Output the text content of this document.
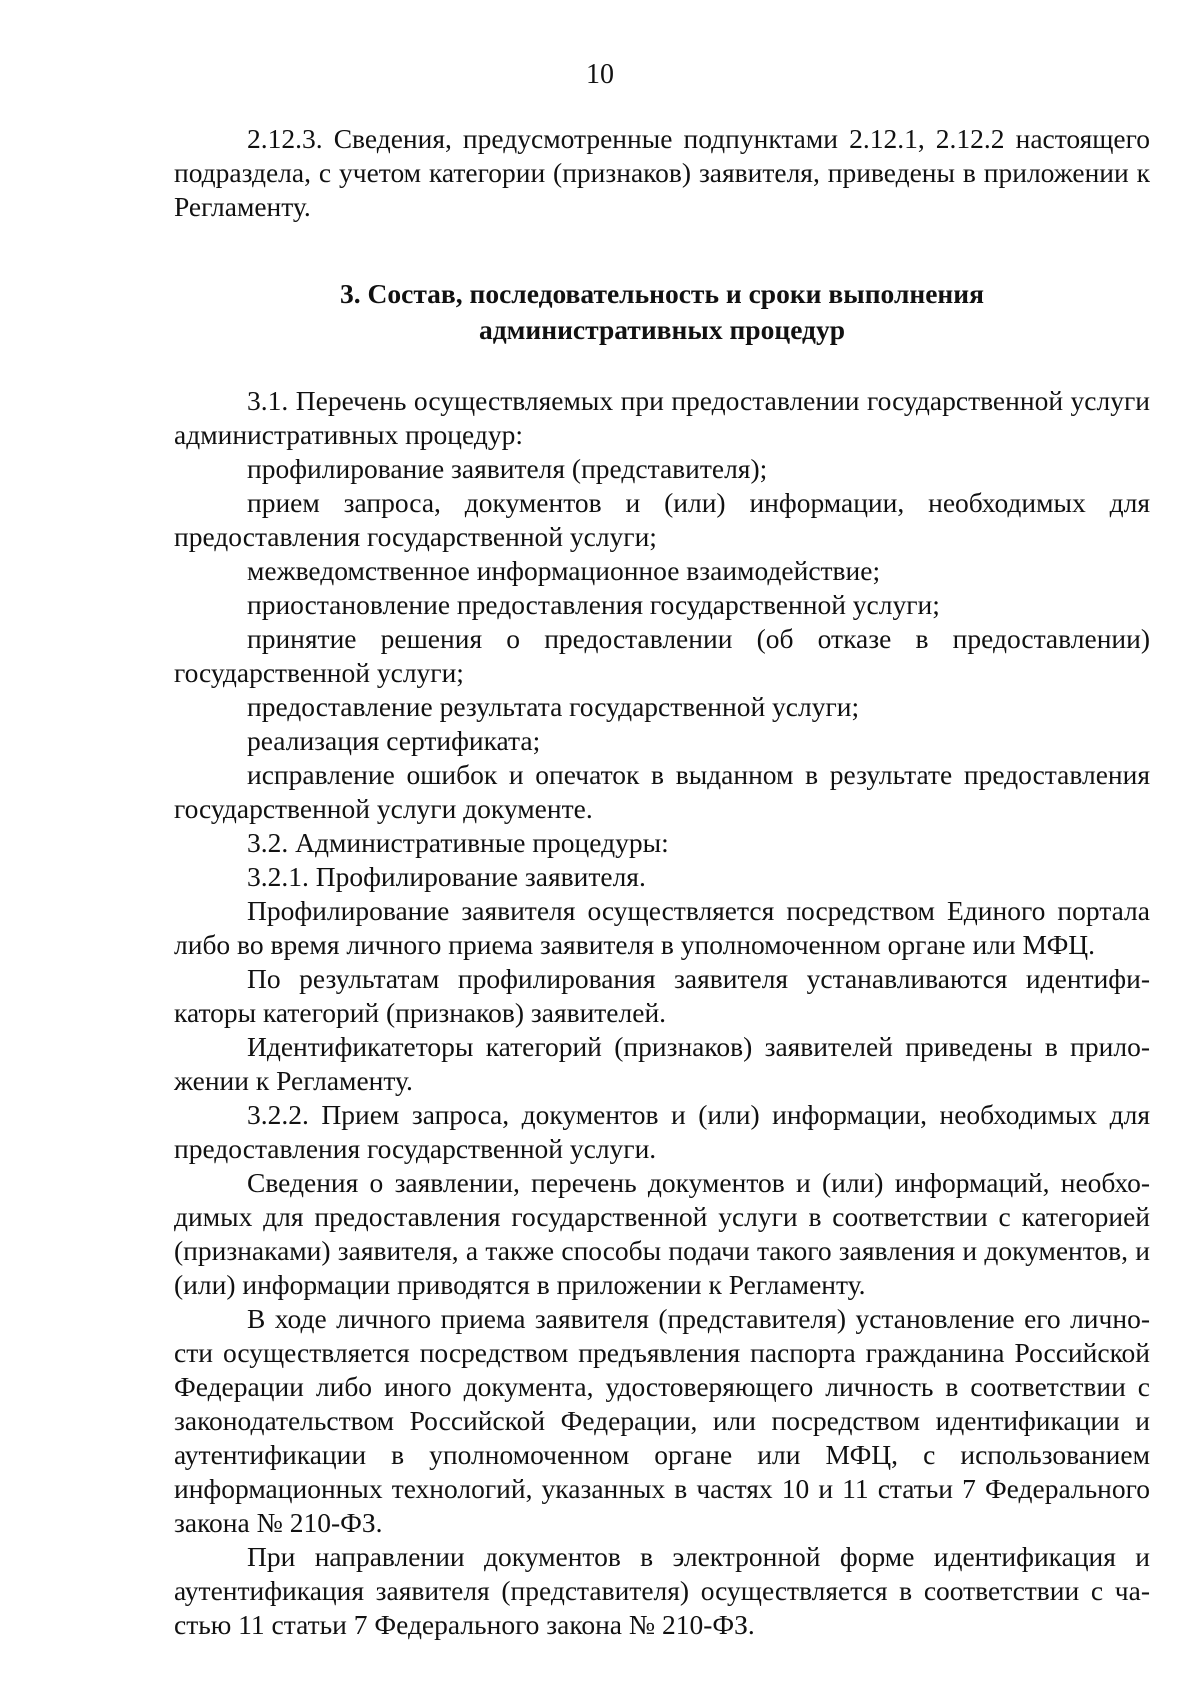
10

2.12.3. Сведения, предусмотренные подпунктами 2.12.1, 2.12.2 настоящего подраздела, с учетом категории (признаков) заявителя, приведены в приложении к Регламенту.

3. Состав, последовательность и сроки выполнения
административных процедур

3.1. Перечень осуществляемых при предоставлении государственной услуги административных процедур:

профилирование заявителя (представителя);

прием запроса, документов и (или) информации, необходимых для предоставления государственной услуги;

межведомственное информационное взаимодействие;

приостановление предоставления государственной услуги;

принятие решения о предоставлении (об отказе в предоставлении) государственной услуги;

предоставление результата государственной услуги;

реализация сертификата;

исправление ошибок и опечаток в выданном в результате предоставления государственной услуги документе.

3.2. Административные процедуры:

3.2.1. Профилирование заявителя.

Профилирование заявителя осуществляется посредством Единого портала либо во время личного приема заявителя в уполномоченном органе или МФЦ.

По результатам профилирования заявителя устанавливаются идентификаторы категорий (признаков) заявителей.

Идентификатеторы категорий (признаков) заявителей приведены в приложении к Регламенту.

3.2.2. Прием запроса, документов и (или) информации, необходимых для предоставления государственной услуги.

Сведения о заявлении, перечень документов и (или) информаций, необходимых для предоставления государственной услуги в соответствии с категорией (признаками) заявителя, а также способы подачи такого заявления и документов, и (или) информации приводятся в приложении к Регламенту.

В ходе личного приема заявителя (представителя) установление его личности осуществляется посредством предъявления паспорта гражданина Российской Федерации либо иного документа, удостоверяющего личность в соответствии с законодательством Российской Федерации, или посредством идентификации и аутентификации в уполномоченном органе или МФЦ, с использованием информационных технологий, указанных в частях 10 и 11 статьи 7 Федерального закона № 210-ФЗ.

При направлении документов в электронной форме идентификация и аутентификация заявителя (представителя) осуществляется в соответствии с частью 11 статьи 7 Федерального закона № 210-ФЗ.
